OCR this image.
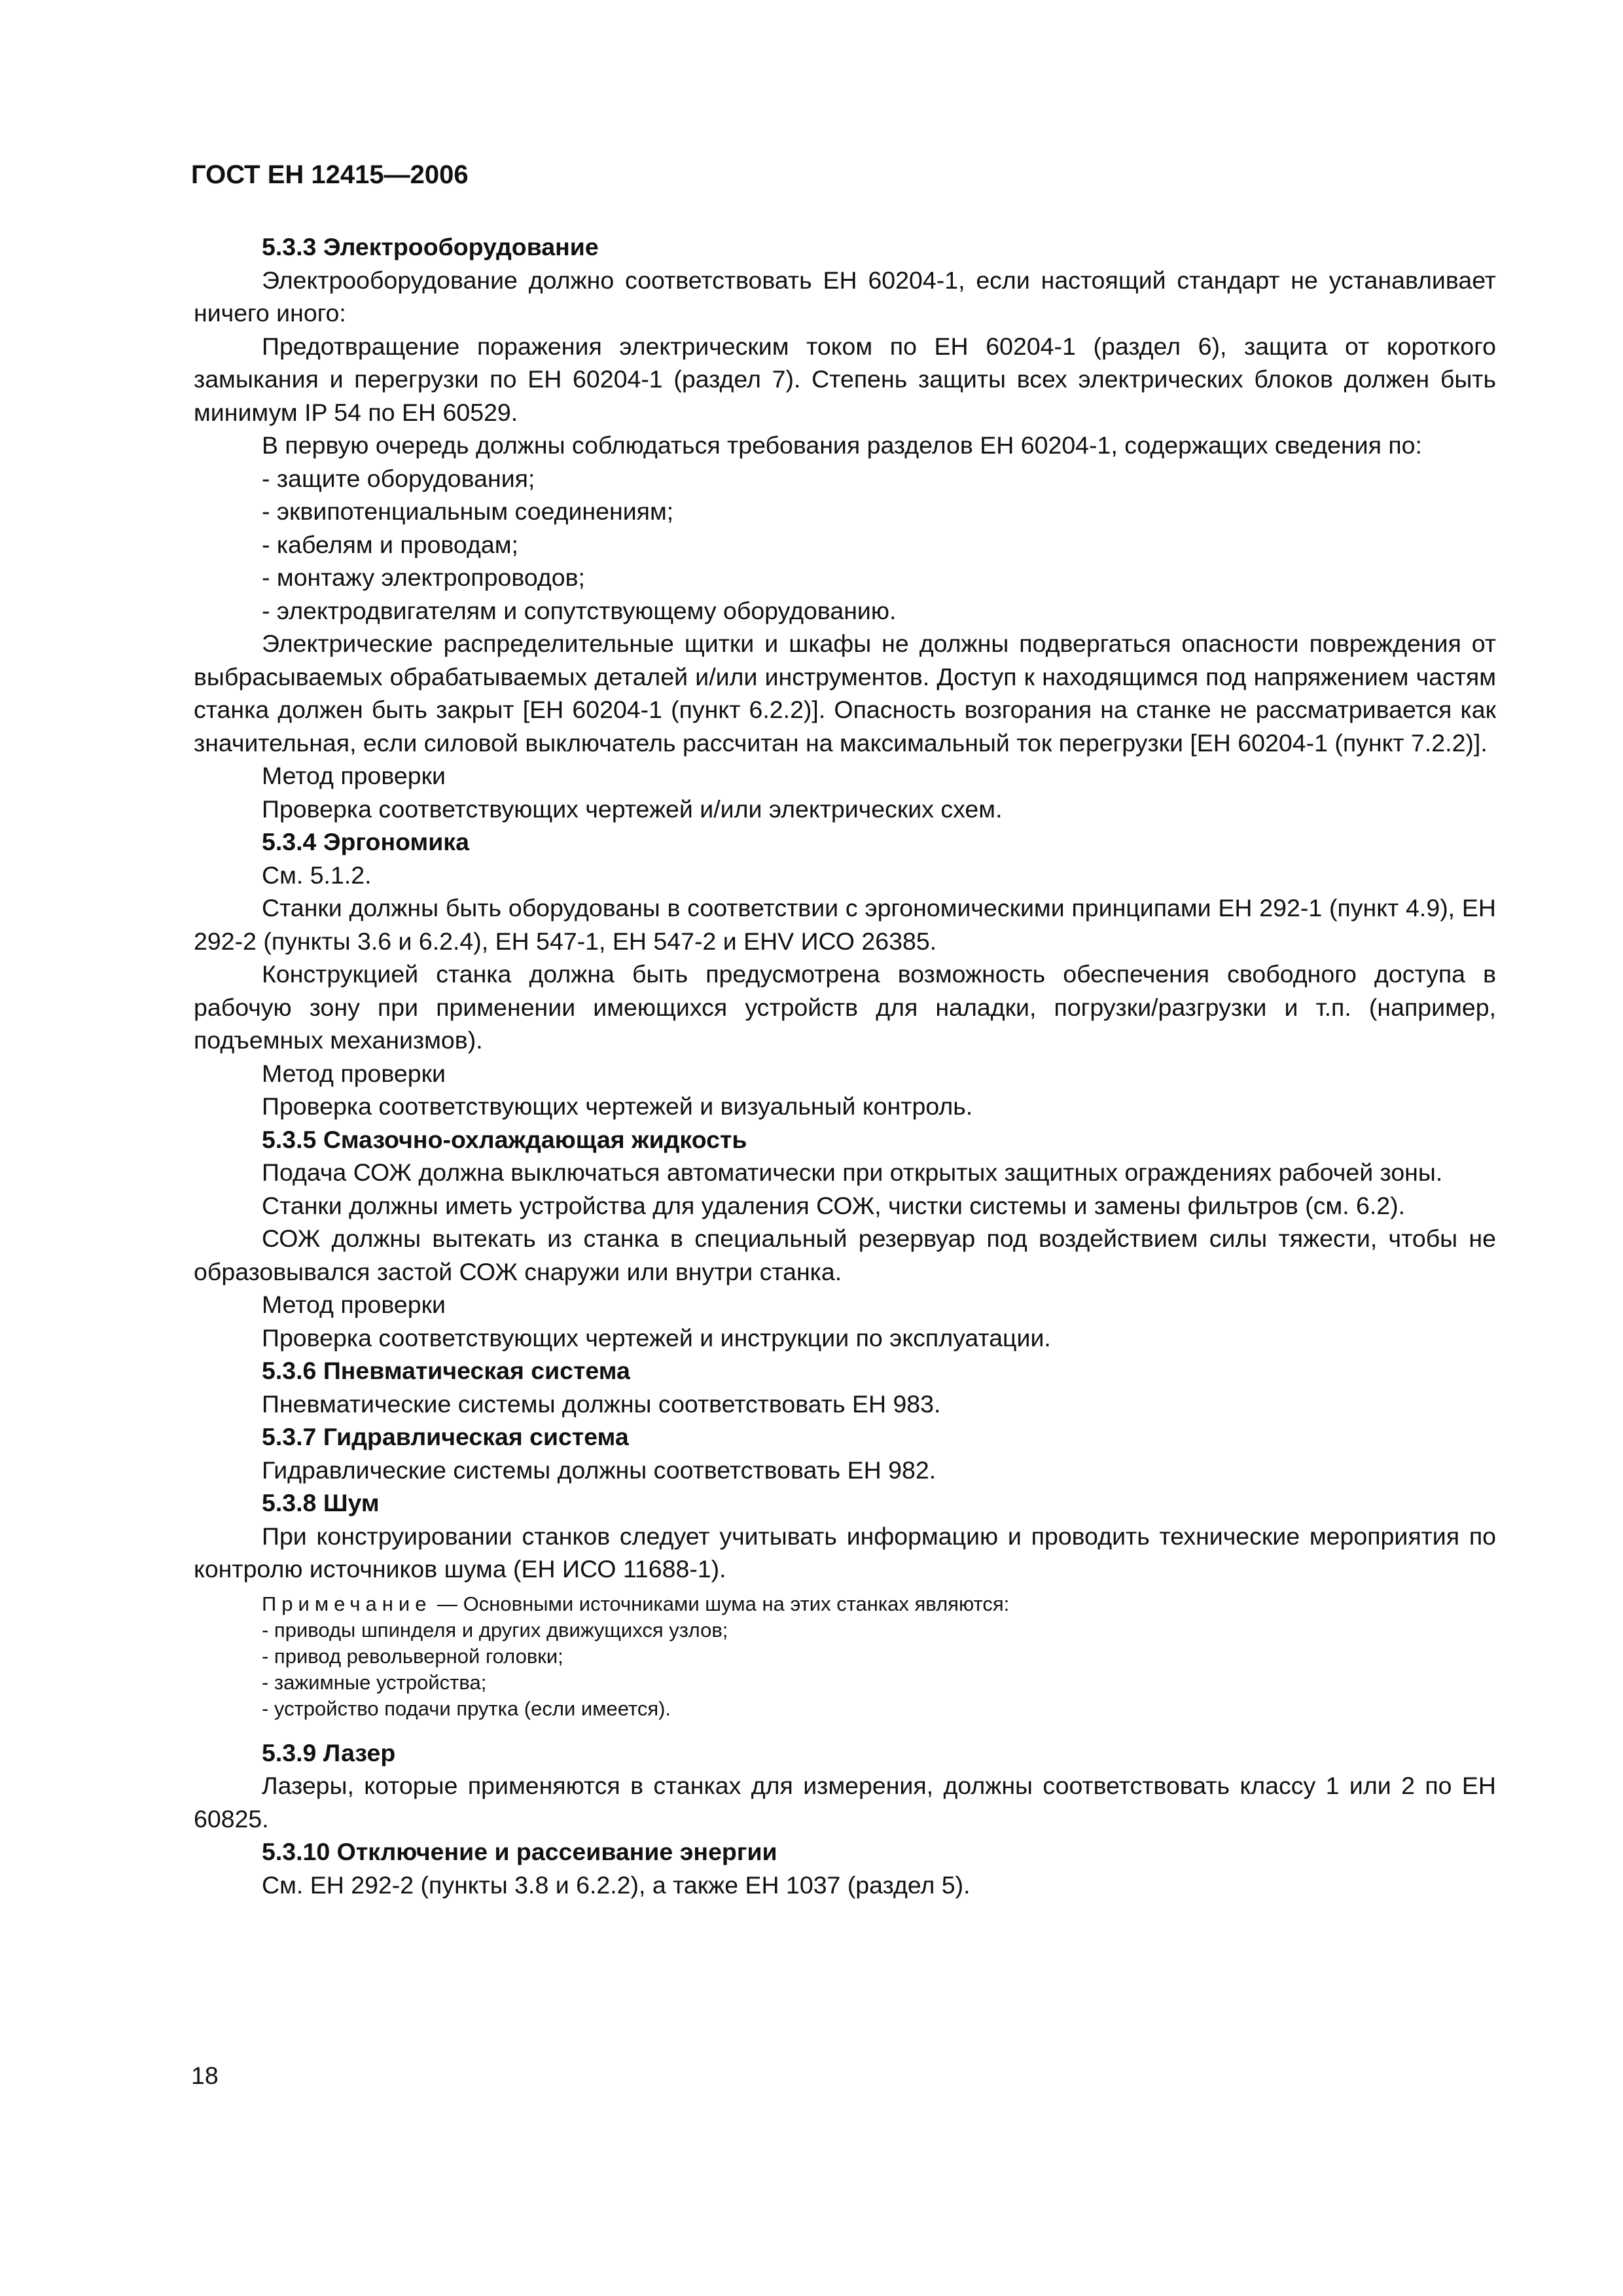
ГОСТ ЕН 12415—2006
5.3.3 Электрооборудование

Электрооборудование должно соответствовать ЕН 60204-1, если настоящий стандарт не устанавливает ничего иного:

Предотвращение поражения электрическим током по ЕН 60204-1 (раздел 6), защита от короткого замыкания и перегрузки по ЕН 60204-1 (раздел 7). Степень защиты всех электрических блоков должен быть минимум IP 54 по ЕН 60529.

В первую очередь должны соблюдаться требования разделов ЕН 60204-1, содержащих сведения по:

- защите оборудования;
- эквипотенциальным соединениям;
- кабелям и проводам;
- монтажу электропроводов;
- электродвигателям и сопутствующему оборудованию.

Электрические распределительные щитки и шкафы не должны подвергаться опасности повреждения от выбрасываемых обрабатываемых деталей и/или инструментов. Доступ к находящимся под напряжением частям станка должен быть закрыт [ЕН 60204-1 (пункт 6.2.2)]. Опасность возгорания на станке не рассматривается как значительная, если силовой выключатель рассчитан на максимальный ток перегрузки [ЕН 60204-1 (пункт 7.2.2)].

Метод проверки

Проверка соответствующих чертежей и/или электрических схем.

5.3.4 Эргономика

См. 5.1.2.

Станки должны быть оборудованы в соответствии с эргономическими принципами ЕН 292-1 (пункт 4.9), ЕН 292-2 (пункты 3.6 и 6.2.4), ЕН 547-1, ЕН 547-2 и ЕНV ИСО 26385.

Конструкцией станка должна быть предусмотрена возможность обеспечения свободного доступа в рабочую зону при применении имеющихся устройств для наладки, погрузки/разгрузки и т.п. (например, подъемных механизмов).

Метод проверки

Проверка соответствующих чертежей и визуальный контроль.

5.3.5 Смазочно-охлаждающая жидкость

Подача СОЖ должна выключаться автоматически при открытых защитных ограждениях рабочей зоны.

Станки должны иметь устройства для удаления СОЖ, чистки системы и замены фильтров (см. 6.2).

СОЖ должны вытекать из станка в специальный резервуар под воздействием силы тяжести, чтобы не образовывался застой СОЖ снаружи или внутри станка.

Метод проверки

Проверка соответствующих чертежей и инструкции по эксплуатации.

5.3.6 Пневматическая система

Пневматические системы должны соответствовать ЕН 983.

5.3.7 Гидравлическая система

Гидравлические системы должны соответствовать ЕН 982.

5.3.8 Шум

При конструировании станков следует учитывать информацию и проводить технические мероприятия по контролю источников шума (ЕН ИСО 11688-1).

Примечание — Основными источниками шума на этих станках являются:
- приводы шпинделя и других движущихся узлов;
- привод револьверной головки;
- зажимные устройства;
- устройство подачи прутка (если имеется).
5.3.9 Лазер

Лазеры, которые применяются в станках для измерения, должны соответствовать классу 1 или 2 по ЕН 60825.

5.3.10 Отключение и рассеивание энергии

См. ЕН 292-2 (пункты 3.8 и 6.2.2), а также ЕН 1037 (раздел 5).

18
